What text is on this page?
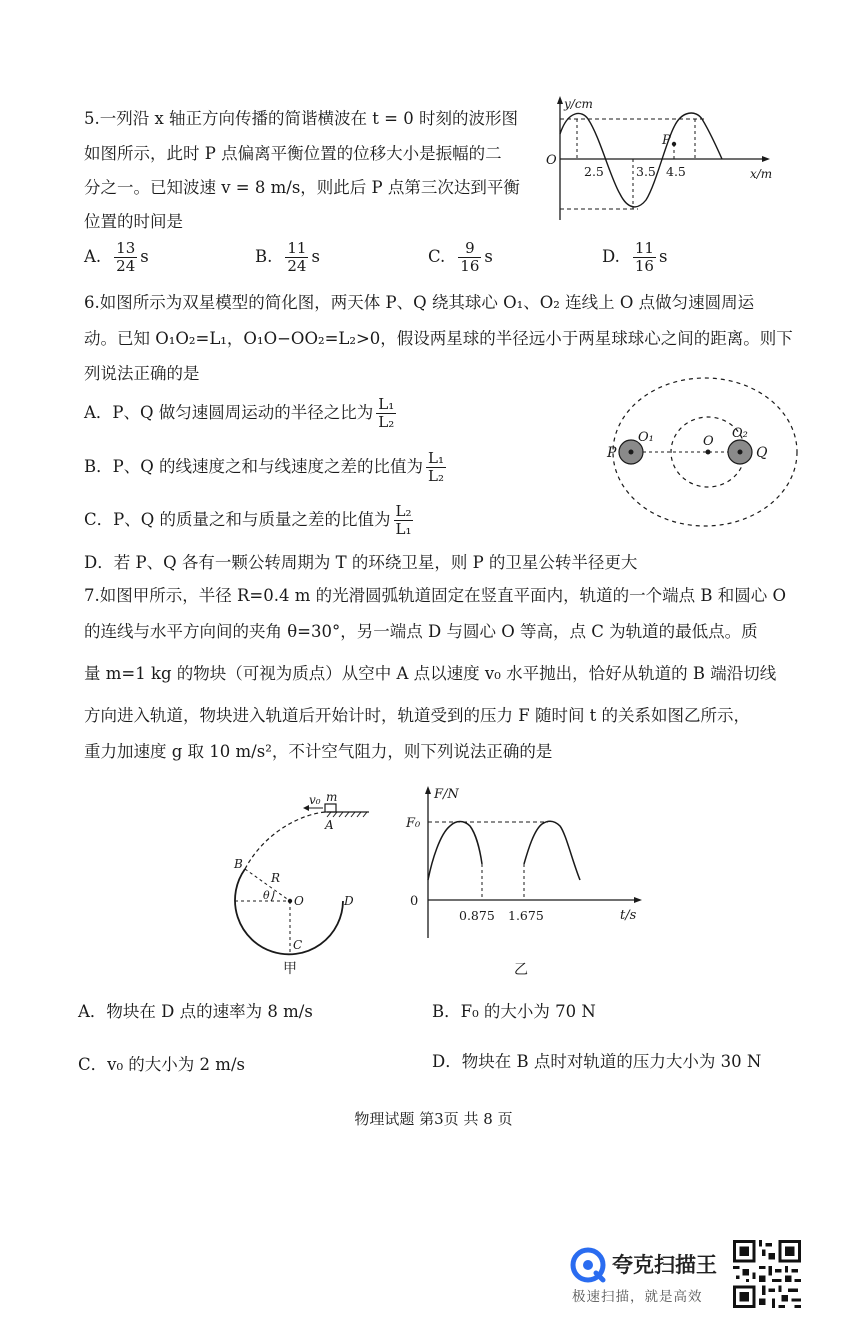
5.一列沿 x 轴正方向传播的简谐横波在 t = 0 时刻的波形图
如图所示，此时 P 点偏离平衡位置的位移大小是振幅的二
分之一。已知波速 v = 8 m/s，则此后 P 点第三次达到平衡
位置的时间是
y/cm
x/m
O
P
2.5	3.5 4.5
A. $\frac{13}{24}$ s	B. $\frac{11}{24}$ s	C. $\frac{9}{16}$ s	D. $\frac{11}{16}$ s
6.如图所示为双星模型的简化图，两天体 P、Q 绕其球心 O₁、O₂ 连线上 O 点做匀速圆周运
动。已知 O₁O₂=L₁，O₁O−OO₂=L₂>0，假设两星球的半径远小于两星球球心之间的距离。则下
列说法正确的是
A．P、Q 做匀速圆周运动的半径之比为 $\frac{\text{L₁}}{\text{L₂}}$
B．P、Q 的线速度之和与线速度之差的比值为 $\frac{\text{L₁}}{\text{L₂}}$
C．P、Q 的质量之和与质量之差的比值为 $\frac{\text{L₂}}{\text{L₁}}$
D．若 P、Q 各有一颗公转周期为 T 的环绕卫星，则 P 的卫星公转半径更大
P	Q
O₁	O
O₂
7.如图甲所示，半径 R=0.4 m 的光滑圆弧轨道固定在竖直平面内，轨道的一个端点 B 和圆心 O
的连线与水平方向间的夹角 θ=30°，另一端点 D 与圆心 O 等高，点 C 为轨道的最低点。质
量 m=1 kg 的物块（可视为质点）从空中 A 点以速度 v₀ 水平抛出，恰好从轨道的 B 端沿切线
方向进入轨道，物块进入轨道后开始计时，轨道受到的压力 F 随时间 t 的关系如图乙所示，
重力加速度 g 取 10 m/s²，不计空气阻力，则下列说法正确的是
v₀ m
A
B
R
θ O	D
C
甲
F/N
t/s
F₀
0
0.875 1.675
乙
A．物块在 D 点的速率为 8 m/s	B．F₀ 的大小为 70 N
C．v₀ 的大小为 2 m/s	D．物块在 B 点时对轨道的压力大小为 30 N
物理试题 第3页 共 8 页
夸克扫描王
极速扫描，就是高效
